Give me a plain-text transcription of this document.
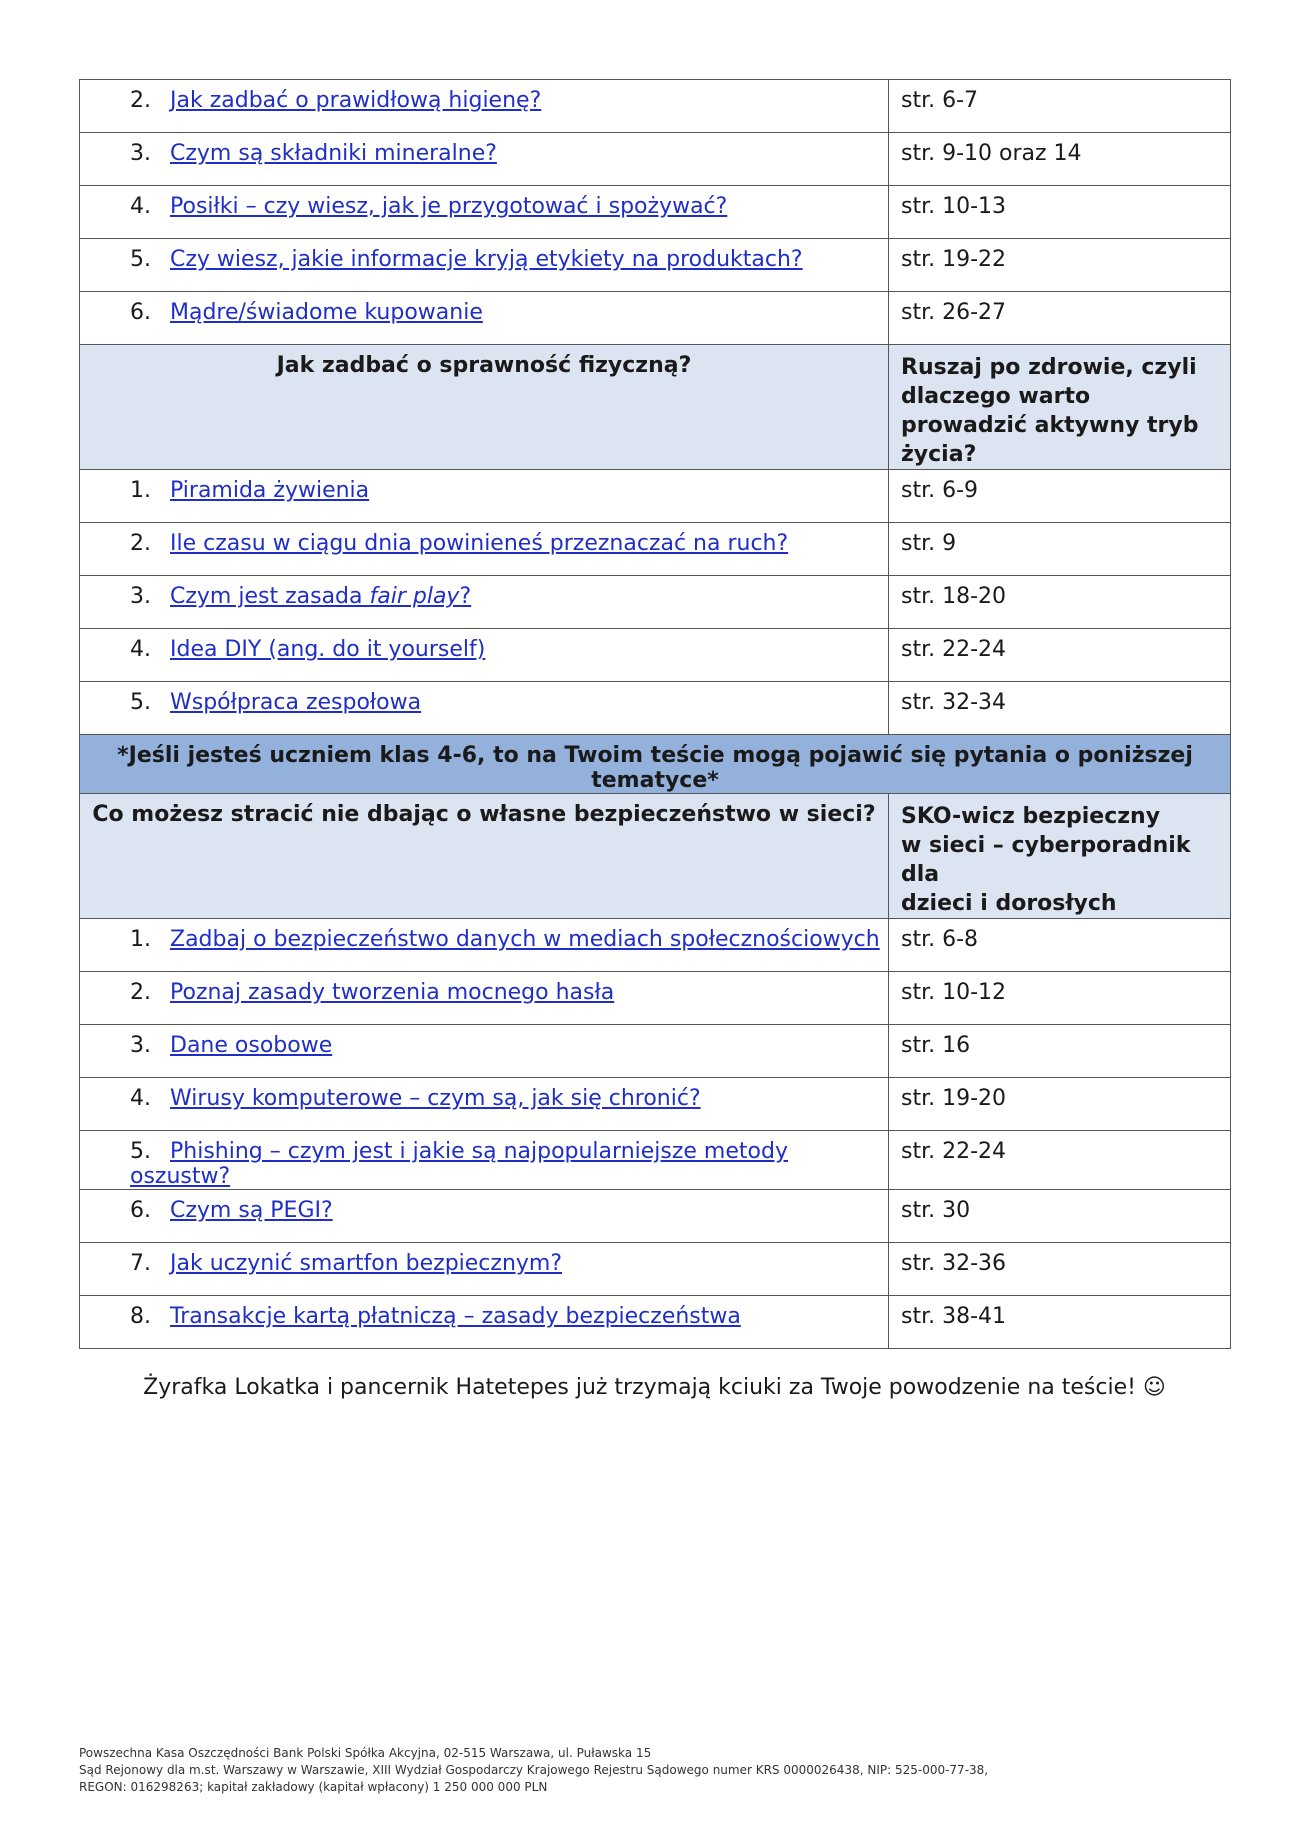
2. Jak zadbać o prawidłową higienę?	str. 6-7
3. Czym są składniki mineralne?	str. 9-10 oraz 14
4. Posiłki – czy wiesz, jak je przygotować i spożywać?	str. 10-13
5. Czy wiesz, jakie informacje kryją etykiety na produktach?	str. 19-22
6. Mądre/świadome kupowanie	str. 26-27
Jak zadbać o sprawność fizyczną?	Ruszaj po zdrowie, czyli dlaczego warto prowadzić aktywny tryb życia?
1. Piramida żywienia	str. 6-9
2. Ile czasu w ciągu dnia powinieneś przeznaczać na ruch?	str. 9
3. Czym jest zasada fair play?	str. 18-20
4. Idea DIY (ang. do it yourself)	str. 22-24
5. Współpraca zespołowa	str. 32-34
*Jeśli jesteś uczniem klas 4-6, to na Twoim teście mogą pojawić się pytania o poniższej tematyce*	
Co możesz stracić nie dbając o własne bezpieczeństwo w sieci?	SKO-wicz bezpieczny
w sieci – cyberporadnik dla
dzieci i dorosłych

1. Zadbaj o bezpieczeństwo danych w mediach społecznościowych	str. 6-8
2. Poznaj zasady tworzenia mocnego hasła	str. 10-12
3. Dane osobowe	str. 16
4. Wirusy komputerowe – czym są, jak się chronić?	str. 19-20
5. Phishing – czym jest i jakie są najpopularniejsze metody oszustw?	str. 22-24
6. Czym są PEGI?	str. 30
7. Jak uczynić smartfon bezpiecznym?	str. 32-36
8. Transakcje kartą płatniczą – zasady bezpieczeństwa	str. 38-41
Żyrafka Lokatka i pancernik Hatetepes już trzymają kciuki za Twoje powodzenie na teście! ☺
Powszechna Kasa Oszczędności Bank Polski Spółka Akcyjna, 02-515 Warszawa, ul. Puławska 15
Sąd Rejonowy dla m.st. Warszawy w Warszawie, XIII Wydział Gospodarczy Krajowego Rejestru Sądowego numer KRS 0000026438, NIP: 525-000-77-38,
REGON: 016298263; kapitał zakładowy (kapitał wpłacony) 1 250 000 000 PLN
